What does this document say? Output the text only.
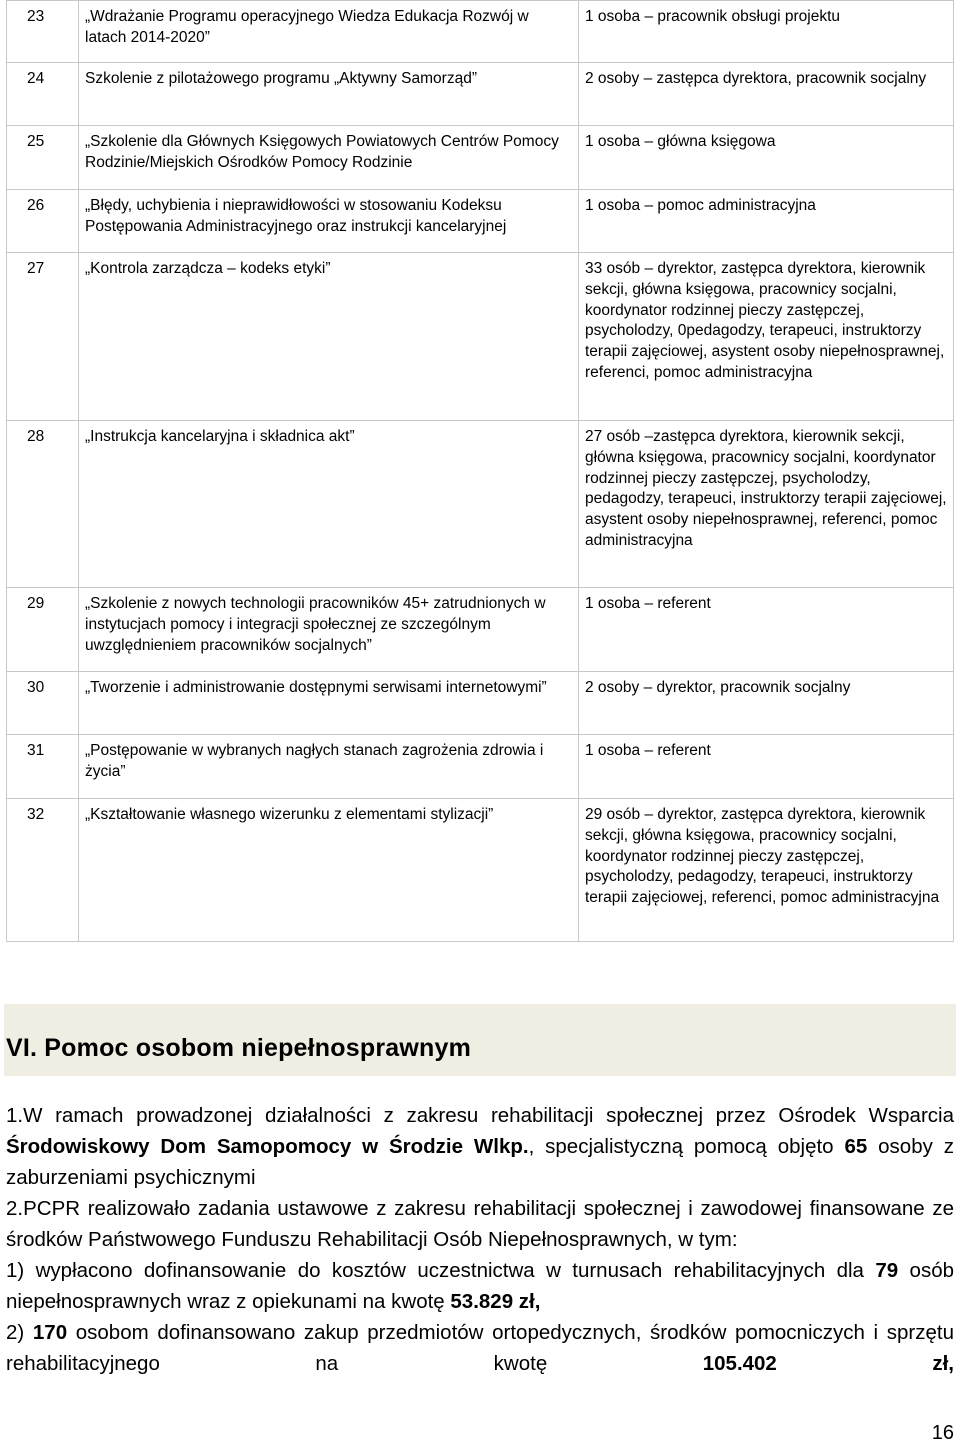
23	„Wdrażanie Programu operacyjnego Wiedza Edukacja Rozwój w latach 2014-2020”	1 osoba – pracownik obsługi projektu
24	Szkolenie z pilotażowego programu „Aktywny Samorząd”	2 osoby – zastępca dyrektora, pracownik socjalny
25	„Szkolenie dla Głównych Księgowych Powiatowych Centrów Pomocy Rodzinie/Miejskich Ośrodków Pomocy Rodzinie	1 osoba – główna księgowa
26	„Błędy, uchybienia i nieprawidłowości w stosowaniu Kodeksu Postępowania Administracyjnego oraz instrukcji kancelaryjnej	1 osoba – pomoc administracyjna
27	„Kontrola zarządcza – kodeks etyki”	33 osób – dyrektor, zastępca dyrektora, kierownik sekcji, główna księgowa, pracownicy socjalni, koordynator rodzinnej pieczy zastępczej, psycholodzy, 0pedagodzy, terapeuci, instruktorzy terapii zajęciowej, asystent osoby niepełnosprawnej, referenci, pomoc administracyjna
28	„Instrukcja kancelaryjna i składnica akt”	27 osób –zastępca dyrektora, kierownik sekcji, główna księgowa, pracownicy socjalni, koordynator rodzinnej pieczy zastępczej, psycholodzy, pedagodzy, terapeuci, instruktorzy terapii zajęciowej, asystent osoby niepełnosprawnej, referenci, pomoc administracyjna
29	„Szkolenie z nowych technologii pracowników 45+ zatrudnionych w instytucjach pomocy i integracji społecznej ze szczególnym uwzględnieniem pracowników socjalnych”	1 osoba – referent
30	„Tworzenie i administrowanie dostępnymi serwisami internetowymi”	2 osoby – dyrektor, pracownik socjalny
31	„Postępowanie w wybranych nagłych stanach zagrożenia zdrowia i życia”	1 osoba – referent
32	„Kształtowanie własnego wizerunku z elementami stylizacji”	29 osób – dyrektor, zastępca dyrektora, kierownik sekcji, główna księgowa, pracownicy socjalni, koordynator rodzinnej pieczy zastępczej, psycholodzy, pedagodzy, terapeuci, instruktorzy terapii zajęciowej, referenci, pomoc administracyjna
VI. Pomoc osobom niepełnosprawnym

1.W ramach prowadzonej działalności z zakresu rehabilitacji społecznej przez Ośrodek Wsparcia Środowiskowy Dom Samopomocy w Środzie Wlkp., specjalistyczną pomocą objęto 65 osoby z zaburzeniami psychicznymi

2.PCPR realizowało zadania ustawowe z zakresu rehabilitacji społecznej i zawodowej finansowane ze środków Państwowego Funduszu Rehabilitacji Osób Niepełnosprawnych, w tym:

1) wypłacono dofinansowanie do kosztów uczestnictwa w turnusach rehabilitacyjnych dla 79 osób niepełnosprawnych wraz z opiekunami na kwotę 53.829 zł,

2) 170 osobom dofinansowano zakup przedmiotów ortopedycznych, środków pomocniczych i sprzętu rehabilitacyjnego na kwotę 105.402 zł,

16
